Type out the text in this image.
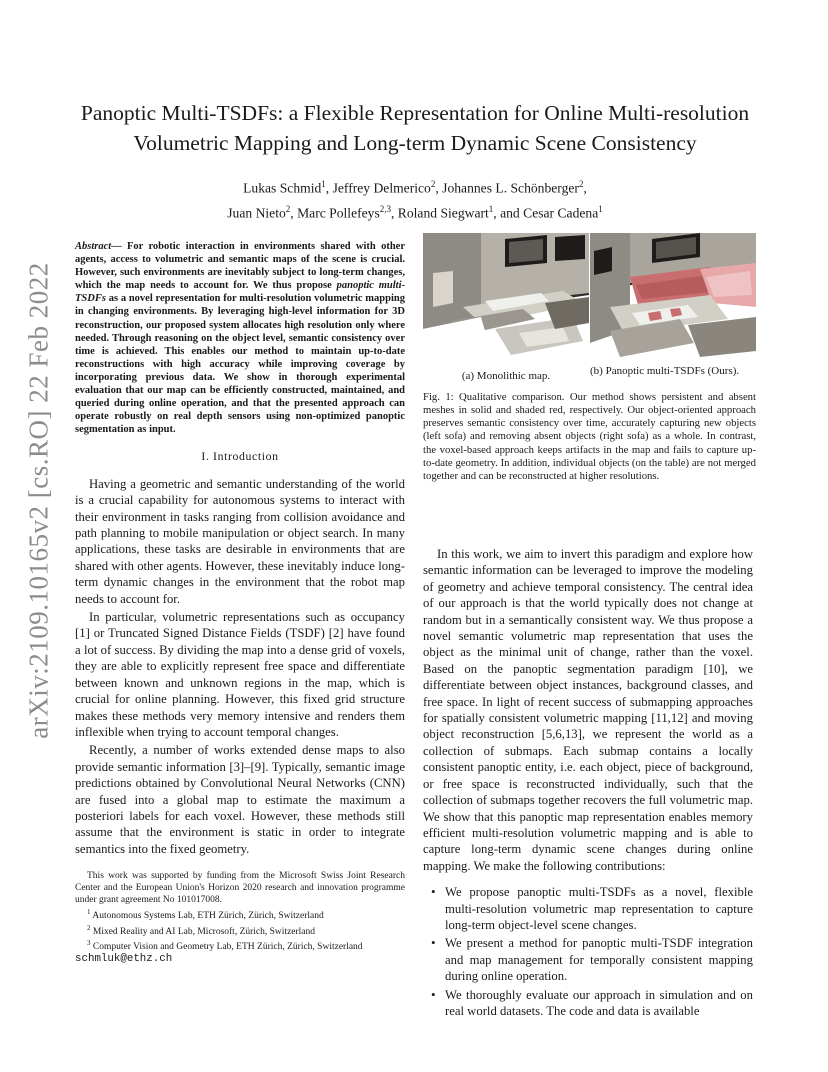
arXiv:2109.10165v2 [cs.RO] 22 Feb 2022
Panoptic Multi-TSDFs: a Flexible Representation for Online Multi-resolution Volumetric Mapping and Long-term Dynamic Scene Consistency
Lukas Schmid$^1$, Jeffrey Delmerico$^2$, Johannes L. Schönberger$^2$,
Juan Nieto$^2$, Marc Pollefeys$^{2,3}$, Roland Siegwart$^1$, and Cesar Cadena$^1$

Abstract— For robotic interaction in environments shared with other agents, access to volumetric and semantic maps of the scene is crucial. However, such environments are inevitably subject to long-term changes, which the map needs to account for. We thus propose panoptic multi-TSDFs as a novel representation for multi-resolution volumetric mapping in changing environments. By leveraging high-level information for 3D reconstruction, our proposed system allocates high resolution only where needed. Through reasoning on the object level, semantic consistency over time is achieved. This enables our method to maintain up-to-date reconstructions with high accuracy while improving coverage by incorporating previous data. We show in thorough experimental evaluation that our map can be efficiently constructed, maintained, and queried during online operation, and that the presented approach can operate robustly on real depth sensors using non-optimized panoptic segmentation as input.

I. Introduction

Having a geometric and semantic understanding of the world is a crucial capability for autonomous systems to interact with their environment in tasks ranging from collision avoidance and path planning to mobile manipulation or object search. In many applications, these tasks are desirable in environments that are shared with other agents. However, these inevitably induce long-term dynamic changes in the environment that the robot map needs to account for.

In particular, volumetric representations such as occupancy [1] or Truncated Signed Distance Fields (TSDF) [2] have found a lot of success. By dividing the map into a dense grid of voxels, they are able to explicitly represent free space and differentiate between known and unknown regions in the map, which is crucial for online planning. However, this fixed grid structure makes these methods very memory intensive and renders them inflexible when trying to account temporal changes.

Recently, a number of works extended dense maps to also provide semantic information [3]–[9]. Typically, semantic image predictions obtained by Convolutional Neural Networks (CNN) are fused into a global map to estimate the maximum a posteriori labels for each voxel. However, these methods still assume that the environment is static in order to integrate semantics into the fixed geometry.

This work was supported by funding from the Microsoft Swiss Joint Research Center and the European Union's Horizon 2020 research and innovation programme under grant agreement No 101017008.

$^1$ Autonomous Systems Lab, ETH Zürich, Zürich, Switzerland

$^2$ Mixed Reality and AI Lab, Microsoft, Zürich, Switzerland

$^3$ Computer Vision and Geometry Lab, ETH Zürich, Zürich, Switzerland

schmluk@ethz.ch

(a) Monolithic map.	(b) Panoptic multi-TSDFs (Ours).

Fig. 1: Qualitative comparison. Our method shows persistent and absent meshes in solid and shaded red, respectively. Our object-oriented approach preserves semantic consistency over time, accurately capturing new objects (left sofa) and removing absent objects (right sofa) as a whole. In contrast, the voxel-based approach keeps artifacts in the map and fails to capture up-to-date geometry. In addition, individual objects (on the table) are not merged together and can be reconstructed at higher resolutions.

In this work, we aim to invert this paradigm and explore how semantic information can be leveraged to improve the modeling of geometry and achieve temporal consistency. The central idea of our approach is that the world typically does not change at random but in a semantically consistent way. We thus propose a novel semantic volumetric map representation that uses the object as the minimal unit of change, rather than the voxel. Based on the panoptic segmentation paradigm [10], we differentiate between object instances, background classes, and free space. In light of recent success of submapping approaches for spatially consistent volumetric mapping [11,12] and moving object reconstruction [5,6,13], we represent the world as a collection of submaps. Each submap contains a locally consistent panoptic entity, i.e. each object, piece of background, or free space is reconstructed individually, such that the collection of submaps together recovers the full volumetric map. We show that this panoptic map representation enables memory efficient multi-resolution volumetric mapping and is able to capture long-term dynamic scene changes during online mapping. We make the following contributions:

• We propose panoptic multi-TSDFs as a novel, flexible multi-resolution volumetric map representation to capture long-term object-level scene changes.
• We present a method for panoptic multi-TSDF integration and map management for temporally consistent mapping during online operation.
• We thoroughly evaluate our approach in simulation and on real world datasets. The code and data is available
